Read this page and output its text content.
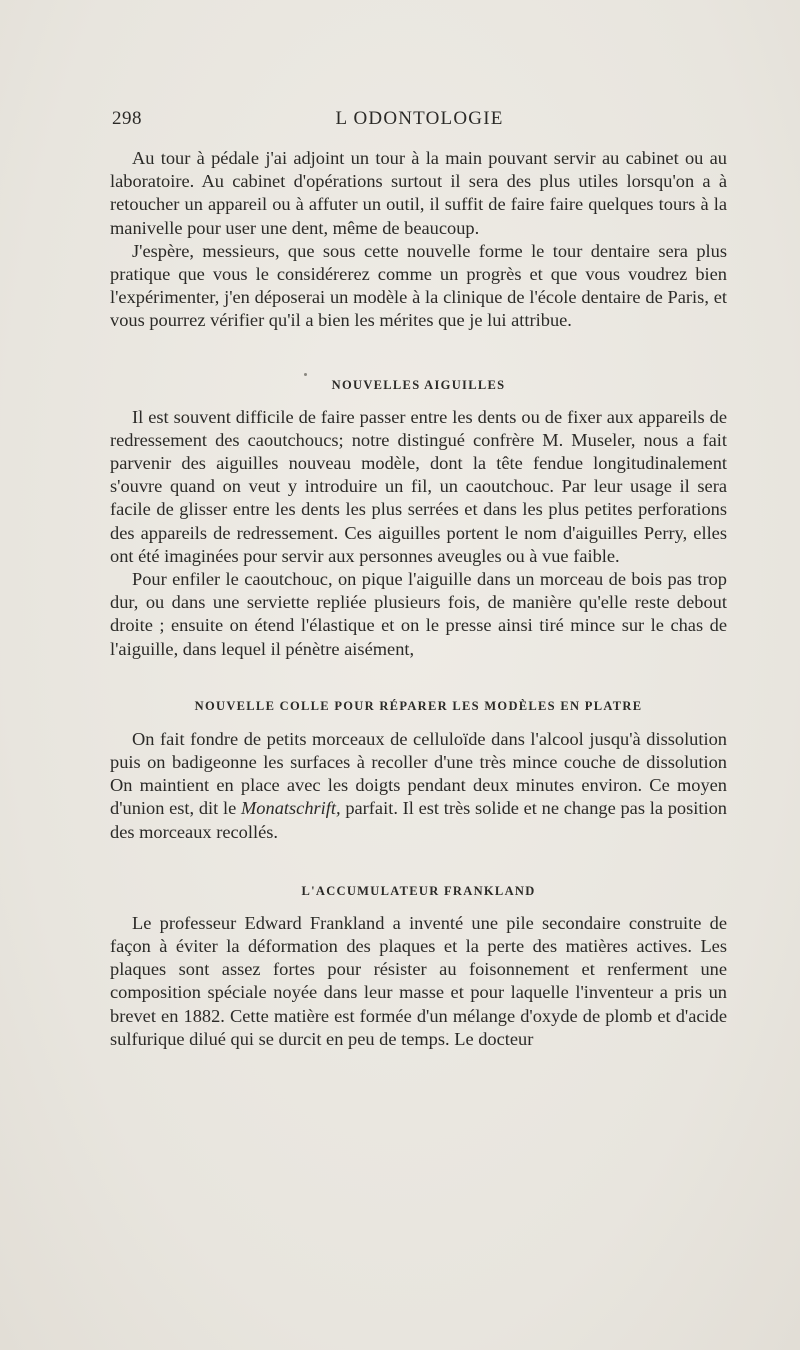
298	L ODONTOLOGIE

Au tour à pédale j'ai adjoint un tour à la main pouvant servir au cabinet ou au laboratoire. Au cabinet d'opérations surtout il sera des plus utiles lorsqu'on a à retoucher un appareil ou à affuter un outil, il suffit de faire faire quelques tours à la manivelle pour user une dent, même de beaucoup.

J'espère, messieurs, que sous cette nouvelle forme le tour dentaire sera plus pratique que vous le considérerez comme un progrès et que vous voudrez bien l'expérimenter, j'en déposerai un modèle à la clinique de l'école dentaire de Paris, et vous pourrez vérifier qu'il a bien les mérites que je lui attribue.

NOUVELLES AIGUILLES

Il est souvent difficile de faire passer entre les dents ou de fixer aux appareils de redressement des caoutchoucs; notre distingué confrère M. Museler, nous a fait parvenir des aiguilles nouveau modèle, dont la tête fendue longitudinalement s'ouvre quand on veut y introduire un fil, un caoutchouc. Par leur usage il sera facile de glisser entre les dents les plus serrées et dans les plus petites perforations des appareils de redressement. Ces aiguilles portent le nom d'aiguilles Perry, elles ont été imaginées pour servir aux personnes aveugles ou à vue faible.

Pour enfiler le caoutchouc, on pique l'aiguille dans un morceau de bois pas trop dur, ou dans une serviette repliée plusieurs fois, de manière qu'elle reste debout droite ; ensuite on étend l'élastique et on le presse ainsi tiré mince sur le chas de l'aiguille, dans lequel il pénètre aisément,

NOUVELLE COLLE POUR RÉPARER LES MODÈLES EN PLATRE

On fait fondre de petits morceaux de celluloïde dans l'alcool jusqu'à dissolution puis on badigeonne les surfaces à recoller d'une très mince couche de dissolution On maintient en place avec les doigts pendant deux minutes environ. Ce moyen d'union est, dit le Monatschrift, parfait. Il est très solide et ne change pas la position des morceaux recollés.

L'ACCUMULATEUR FRANKLAND

Le professeur Edward Frankland a inventé une pile secondaire construite de façon à éviter la déformation des plaques et la perte des matières actives. Les plaques sont assez fortes pour résister au foisonnement et renferment une composition spéciale noyée dans leur masse et pour laquelle l'inventeur a pris un brevet en 1882. Cette matière est formée d'un mélange d'oxyde de plomb et d'acide sulfurique dilué qui se durcit en peu de temps. Le docteur
